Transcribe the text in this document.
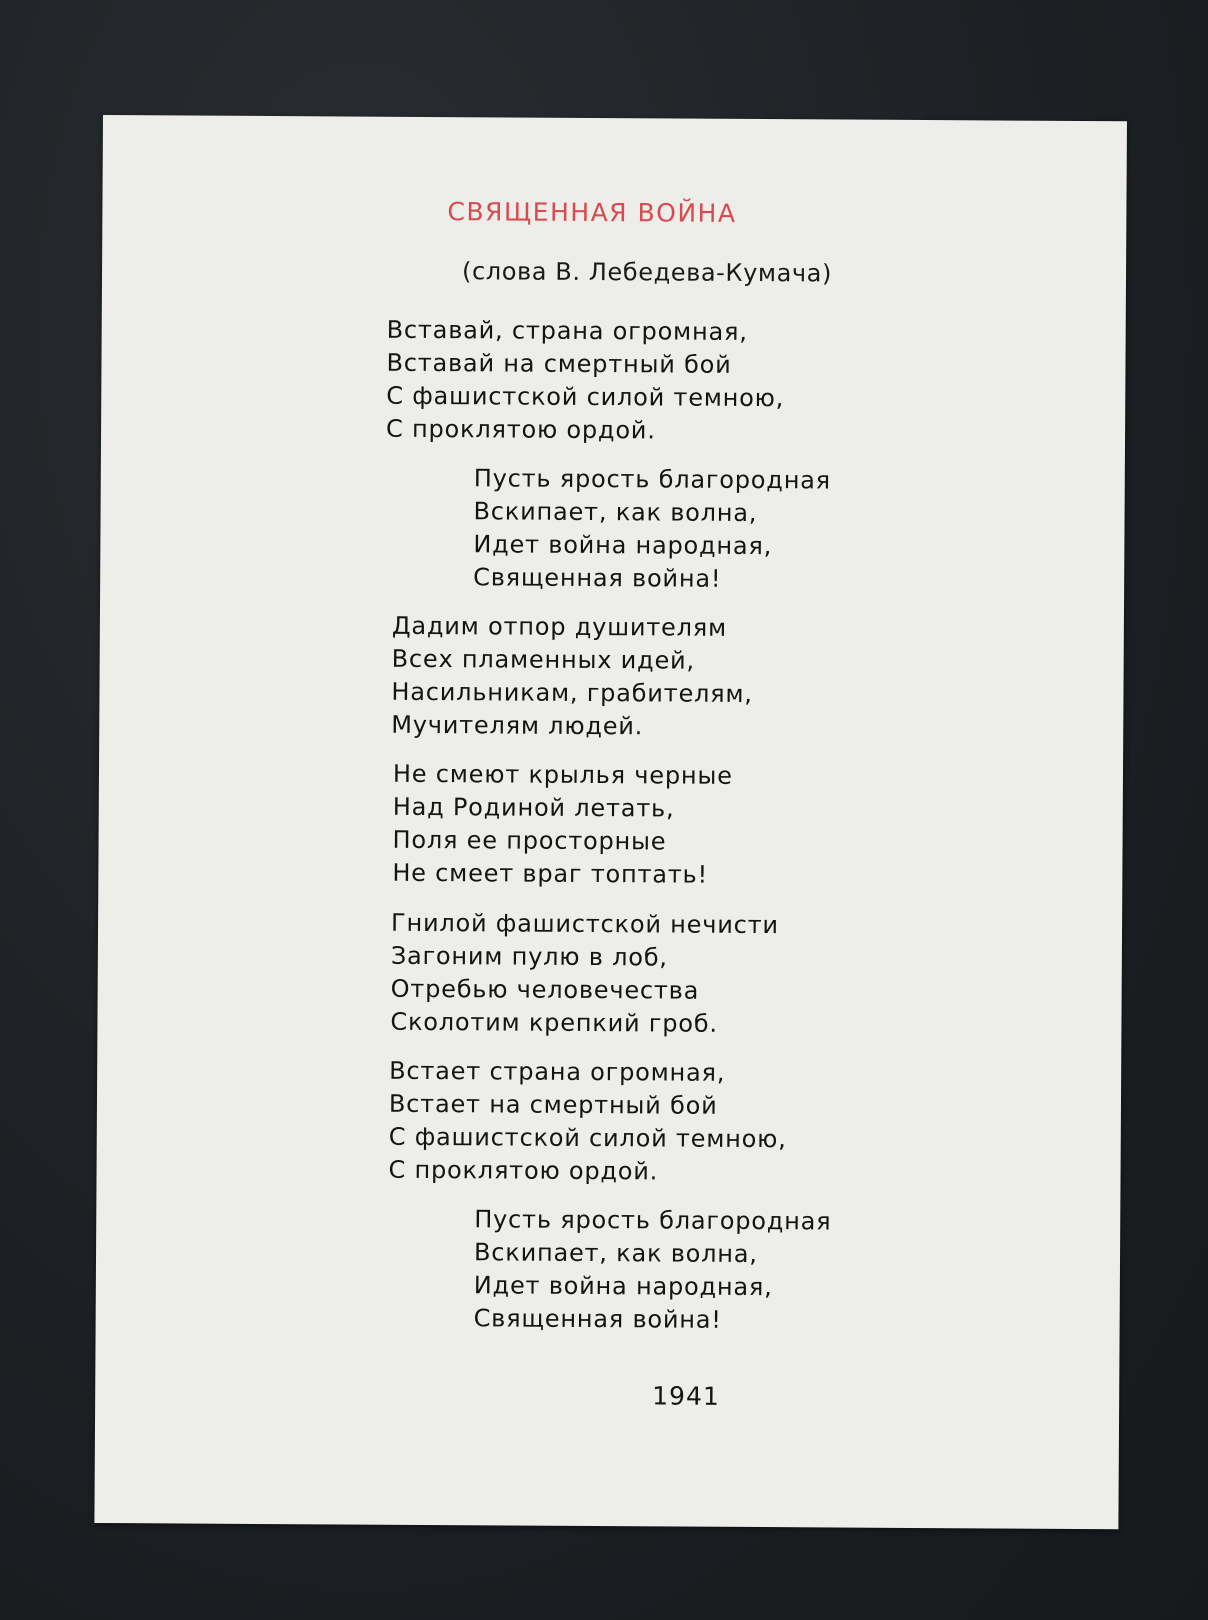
СВЯЩЕННАЯ ВОЙНА
(слова В. Лебедева-Кумача)
Вставай, страна огромная,
Вставай на смертный бой
С фашистской силой темною,
С проклятою ордой.
Пусть ярость благородная
Вскипает, как волна,
Идет война народная,
Священная война!
Дадим отпор душителям
Всех пламенных идей,
Насильникам, грабителям,
Мучителям людей.
Не смеют крылья черные
Над Родиной летать,
Поля ее просторные
Не смеет враг топтать!
Гнилой фашистской нечисти
Загоним пулю в лоб,
Отребью человечества
Сколотим крепкий гроб.
Встает страна огромная,
Встает на смертный бой
С фашистской силой темною,
С проклятою ордой.
Пусть ярость благородная
Вскипает, как волна,
Идет война народная,
Священная война!
1941
